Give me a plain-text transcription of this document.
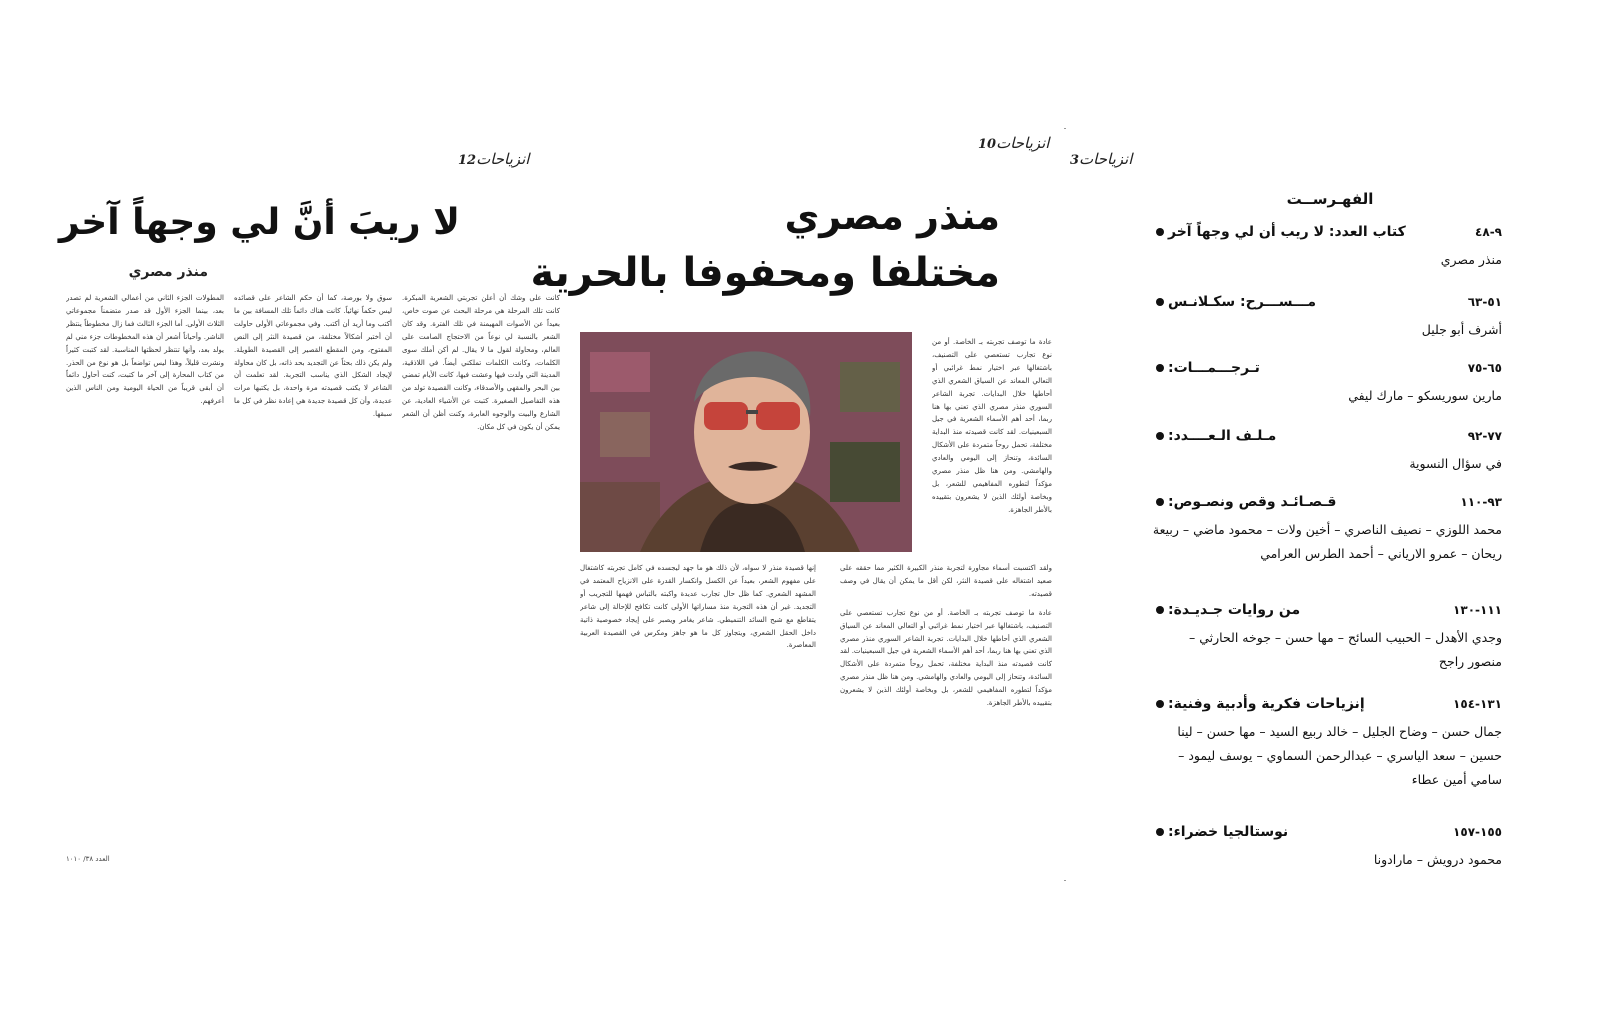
12انزياحات
لا ريبَ أنَّ لي وجهاً آخر
منذر مصري

كانت على وشك أن أعلن تجربتي الشعرية المبكرة. كانت تلك المرحلة هي مرحلة البحث عن صوت خاص، بعيداً عن الأصوات المهيمنة في تلك الفترة. وقد كان الشعر بالنسبة لي نوعاً من الاحتجاج الصامت على العالم، ومحاولة لقول ما لا يقال. لم أكن أملك سوى الكلمات، وكانت الكلمات تملكني أيضاً. في اللاذقية، المدينة التي ولدت فيها وعشت فيها، كانت الأيام تمضي بين البحر والمقهى والأصدقاء، وكانت القصيدة تولد من هذه التفاصيل الصغيرة. كتبت عن الأشياء العادية، عن الشارع والبيت والوجوه العابرة، وكنت أظن أن الشعر يمكن أن يكون في كل مكان.

سوق ولا بورصة، كما أن حكم الشاعر على قصائده ليس حكماً نهائياً. كانت هناك دائماً تلك المسافة بين ما أكتب وما أريد أن أكتب. وفي مجموعاتي الأولى حاولت أن أختبر أشكالاً مختلفة، من قصيدة النثر إلى النص المفتوح، ومن المقطع القصير إلى القصيدة الطويلة. ولم يكن ذلك بحثاً عن التجديد بحد ذاته، بل كان محاولة لإيجاد الشكل الذي يناسب التجربة. لقد تعلمت أن الشاعر لا يكتب قصيدته مرة واحدة، بل يكتبها مرات عديدة، وأن كل قصيدة جديدة هي إعادة نظر في كل ما سبقها.

المطولات الجزء الثاني من أعمالي الشعرية لم تصدر بعد، بينما الجزء الأول قد صدر متضمناً مجموعاتي الثلاث الأولى. أما الجزء الثالث فما زال مخطوطاً ينتظر الناشر. وأحياناً أشعر أن هذه المخطوطات جزء مني لم يولد بعد، وأنها تنتظر لحظتها المناسبة. لقد كتبت كثيراً ونشرت قليلاً، وهذا ليس تواضعاً بل هو نوع من الحذر. من كتاب المحارة إلى آخر ما كتبت، كنت أحاول دائماً أن أبقى قريباً من الحياة اليومية ومن الناس الذين أعرفهم.

العدد ٣٨/ ١٠١٠
10انزياحات
منذر مصري
مختلفا ومحفوفا بالحرية

عادة ما توصف تجربته بـ الخاصة. أو من نوع تجارب تستعصي على التصنيف، باشتغالها عبر اختيار نمط غرائبي أو التعالي المعاند عن السياق الشعري الذي أحاطها خلال البدايات. تجربة الشاعر السوري منذر مصري الذي تعني بها هنا ربما، أحد أهم الأسماء الشعرية في جيل السبعينيات. لقد كانت قصيدته منذ البداية مختلفة، تحمل روحاً متمردة على الأشكال السائدة، وتنحاز إلى اليومي والعادي والهامشي. ومن هنا ظل منذر مصري مؤكداً لتطوره المفاهيمي للشعر، بل وبخاصة أولئك الذين لا يشعرون بتقييده بالأطر الجاهزة.

ولقد اكتسبت أسماء مجاورة لتجربة منذر الكبيرة الكثير مما حققه على صعيد اشتغاله على قصيدة النثر، لكن أقل ما يمكن أن يقال في وصف قصيدته.

عادة ما توصف تجربته بـ الخاصة. أو من نوع تجارب تستعصي على التصنيف، باشتغالها عبر اختيار نمط غرائبي أو التعالي المعاند عن السياق الشعري الذي أحاطها خلال البدايات. تجربة الشاعر السوري منذر مصري الذي تعني بها هنا ربما، أحد أهم الأسماء الشعرية في جيل السبعينيات. لقد كانت قصيدته منذ البداية مختلفة، تحمل روحاً متمردة على الأشكال السائدة، وتنحاز إلى اليومي والعادي والهامشي. ومن هنا ظل منذر مصري مؤكداً لتطوره المفاهيمي للشعر، بل وبخاصة أولئك الذين لا يشعرون بتقييده بالأطر الجاهزة.

إنها قصيدة منذر لا سواه، لأن ذلك هو ما جهد ليجسده في كامل تجربته كاشتغال على مفهوم الشعر، بعيداً عن الكسل وانكسار القدرة على الانزياح المعتمد في المشهد الشعري. كما ظل حال تجارب عديدة واكبته بالتباس فهمها للتجريب أو التجديد. غير أن هذه التجربة منذ مساراتها الأولى كانت تكافح للإحالة إلى شاعر يتقاطع مع شبح السائد التنميطي. شاعر يغامر ويصبر على إيجاد خصوصية ذاتية داخل الحقل الشعري، ويتجاوز كل ما هو جاهز ومكرس في القصيدة العربية المعاصرة.

3انزياحات
الفهـرســت
كتاب العدد: لا ريب أن لي وجهاً آخر	٩-٤٨
منذر مصري
مـــســـرح: سكـلانـس	٥١-٦٣
أشرف أبو جليل
تـرجـــمـــات:	٦٥-٧٥
مارين سوريسكو – مارك ليفي
مـلـف الـعــــدد:	٧٧-٩٢
في سؤال النسوية
قـصـائـد وقص ونصـوص:	٩٣-١١٠
محمد اللوزي – نصيف الناصري – أخين ولات – محمود ماضي – ربيعة ريحان – عمرو الارياني – أحمد الطرس العرامي
من روايات جـديـدة:	١١١-١٣٠
وجدي الأهدل – الحبيب السائح – مها حسن – جوخه الحارثي – منصور راجح
إنزياحات فكرية وأدبية وفنية:	١٣١-١٥٤
جمال حسن – وضاح الجليل – خالد ربيع السيد – مها حسن – لينا حسين – سعد الياسري – عبدالرحمن السماوي – يوسف ليمود – سامي أمين عطاء
نوستالجيا خضراء:	١٥٥-١٥٧
محمود درويش – مارادونا
